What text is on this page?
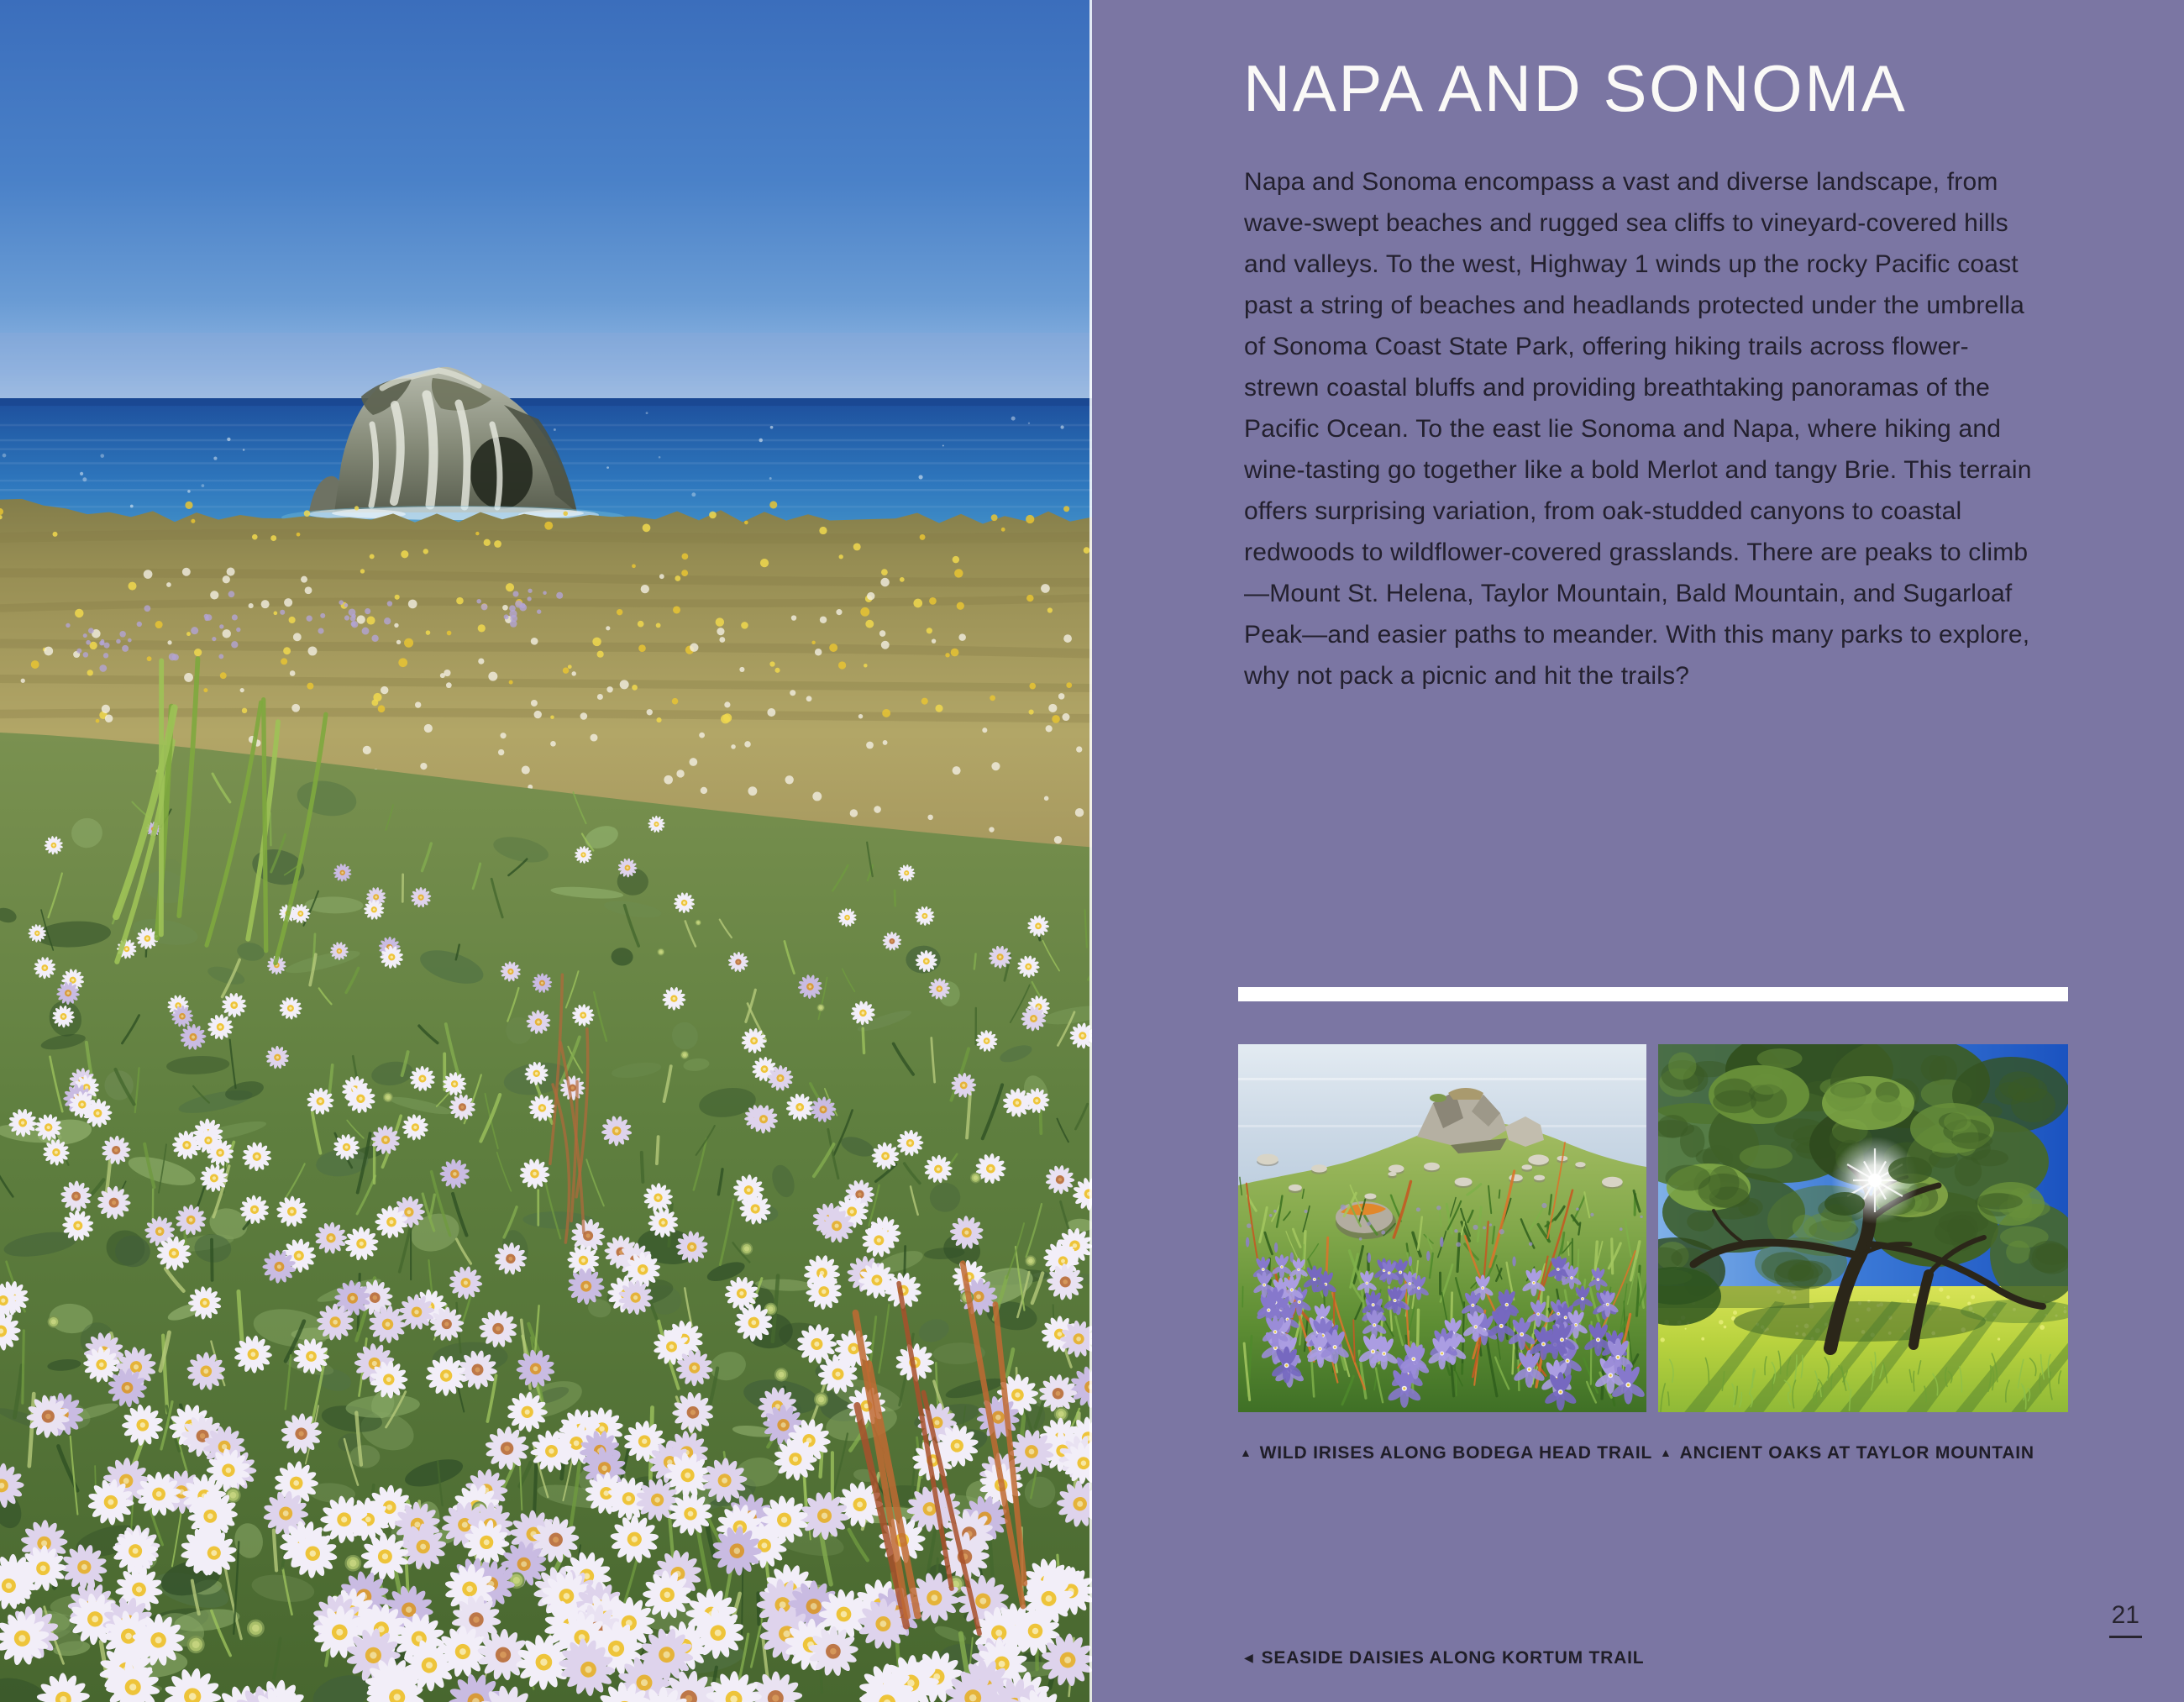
NAPA AND SONOMA

Napa and Sonoma encompass a vast and diverse landscape, from wave-swept beaches and rugged sea cliffs to vineyard-covered hills and valleys. To the west, Highway 1 winds up the rocky Pacific coast past a string of beaches and headlands protected under the umbrella of Sonoma Coast State Park, offering hiking trails across flower-strewn coastal bluffs and providing breathtaking panoramas of the Pacific Ocean. To the east lie Sonoma and Napa, where hiking and wine-tasting go together like a bold Merlot and tangy Brie. This terrain offers surprising variation, from oak-studded canyons to coastal redwoods to wildflower-covered grasslands. There are peaks to climb—Mount St. Helena, Taylor Mountain, Bald Mountain, and Sugarloaf Peak—and easier paths to meander. With this many parks to explore, why not pack a picnic and hit the trails?

▲ WILD IRISES ALONG BODEGA HEAD TRAIL ▲ ANCIENT OAKS AT TAYLOR MOUNTAIN

◀ SEASIDE DAISIES ALONG KORTUM TRAIL

21
